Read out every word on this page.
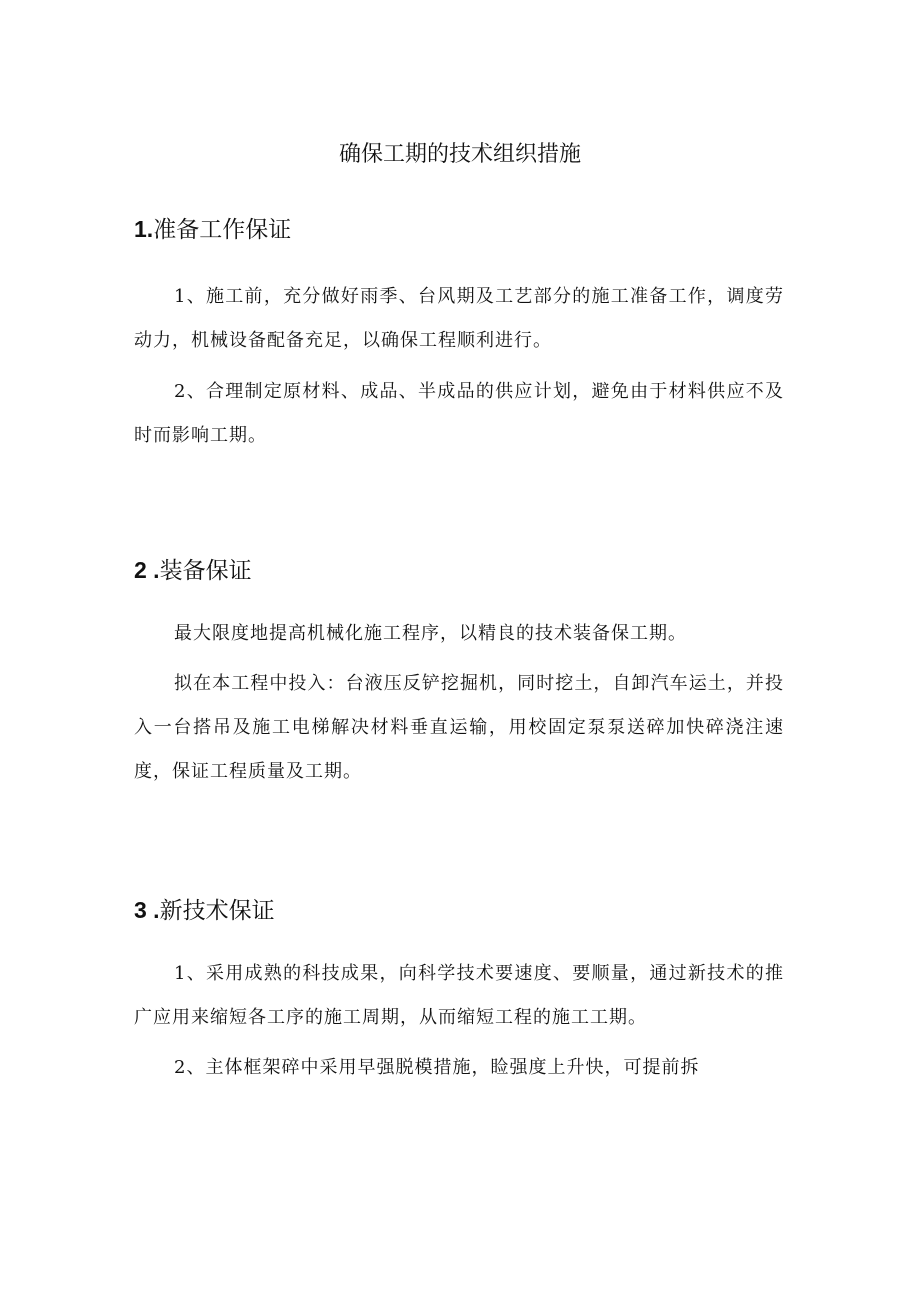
确保工期的技术组织措施
1.准备工作保证
1、施工前，充分做好雨季、台风期及工艺部分的施工准备工作，调度劳动力，机械设备配备充足，以确保工程顺利进行。
2、合理制定原材料、成品、半成品的供应计划，避免由于材料供应不及时而影响工期。
2 .装备保证
最大限度地提高机械化施工程序，以精良的技术装备保工期。
拟在本工程中投入：台液压反铲挖掘机，同时挖土，自卸汽车运土，并投入一台搭吊及施工电梯解决材料垂直运输，用校固定泵泵送碎加快碎浇注速度，保证工程质量及工期。
3 .新技术保证
1、采用成熟的科技成果，向科学技术要速度、要顺量，通过新技术的推广应用来缩短各工序的施工周期，从而缩短工程的施工工期。
2、主体框架碎中采用早强脱模措施，睑强度上升快，可提前拆
